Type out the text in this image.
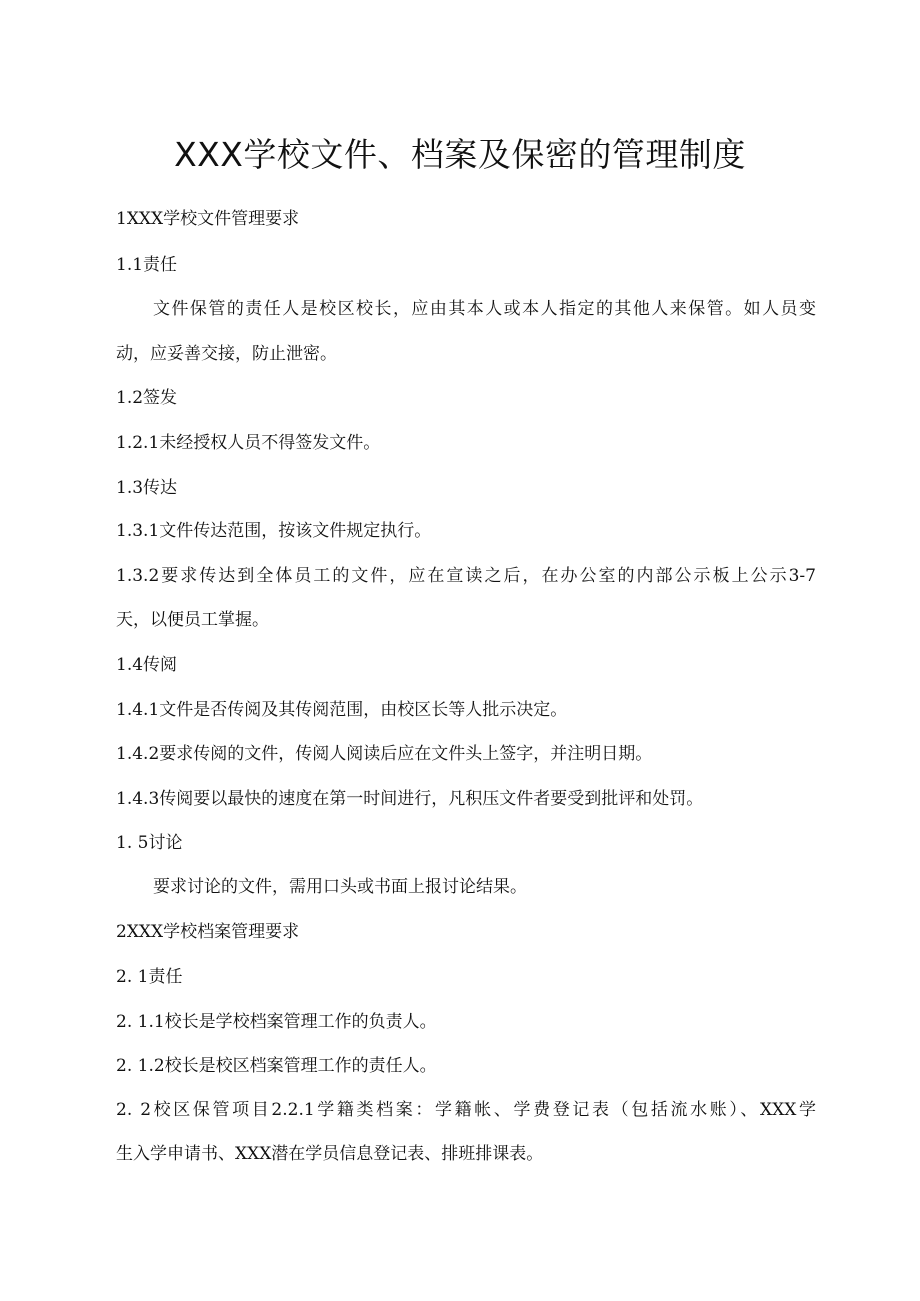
XXX学校文件、档案及保密的管理制度
1XXX学校文件管理要求
1.1责任
文件保管的责任人是校区校长，应由其本人或本人指定的其他人来保管。如人员变
动，应妥善交接，防止泄密。
1.2签发
1.2.1未经授权人员不得签发文件。
1.3传达
1.3.1文件传达范围，按该文件规定执行。
1.3.2要求传达到全体员工的文件，应在宣读之后，在办公室的内部公示板上公示3-7
天，以便员工掌握。
1.4传阅
1.4.1文件是否传阅及其传阅范围，由校区长等人批示决定。
1.4.2要求传阅的文件，传阅人阅读后应在文件头上签字，并注明日期。
1.4.3传阅要以最快的速度在第一时间进行，凡积压文件者要受到批评和处罚。
1. 5讨论
要求讨论的文件，需用口头或书面上报讨论结果。
2XXX学校档案管理要求
2. 1责任
2. 1.1校长是学校档案管理工作的负责人。
2. 1.2校长是校区档案管理工作的责任人。
2. 2校区保管项目2.2.1学籍类档案：学籍帐、学费登记表（包括流水账）、XXX学
生入学申请书、XXX潜在学员信息登记表、排班排课表。
